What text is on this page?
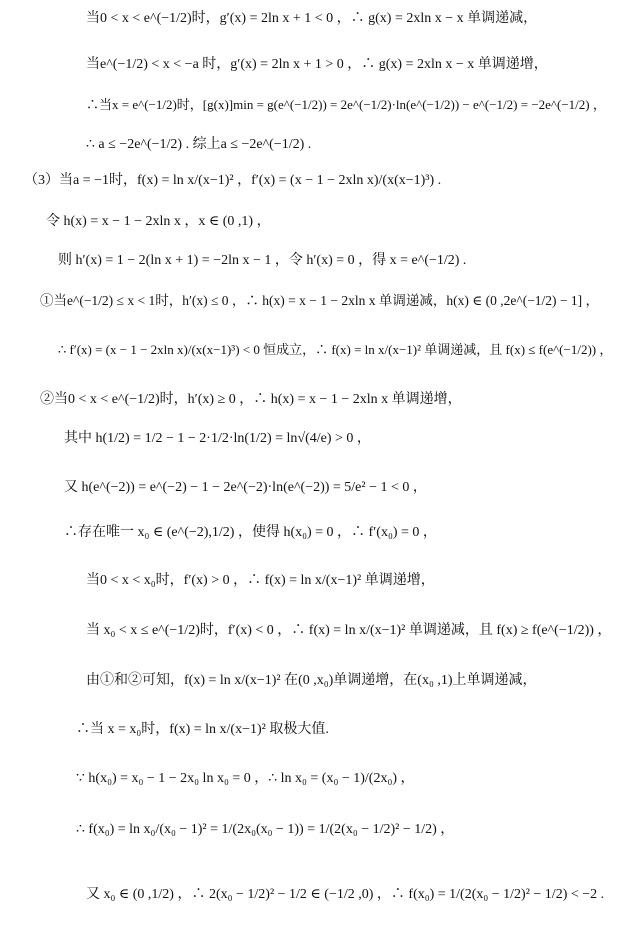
当0 < x < e^(−1/2)时，g′(x) = 2ln x + 1 < 0 ，∴ g(x) = 2xln x − x 单调递减，
当e^(−1/2) < x < −a 时，g′(x) = 2ln x + 1 > 0 ，∴ g(x) = 2xln x − x 单调递增，
∴当x = e^(−1/2)时，[g(x)]min = g(e^(−1/2)) = 2e^(−1/2)·ln(e^(−1/2)) − e^(−1/2) = −2e^(−1/2) ，
∴ a ≤ −2e^(−1/2) . 综上a ≤ −2e^(−1/2) .
（3）当a = −1时，f(x) = ln x/(x−1)² ，f′(x) = (x − 1 − 2xln x)/(x(x−1)³) .
令 h(x) = x − 1 − 2xln x ，x ∈ (0 ,1) ，
则 h′(x) = 1 − 2(ln x + 1) = −2ln x − 1 ，令 h′(x) = 0 ，得 x = e^(−1/2) .
①当e^(−1/2) ≤ x < 1时，h′(x) ≤ 0 ，∴ h(x) = x − 1 − 2xln x 单调递减，h(x) ∈ (0 ,2e^(−1/2) − 1] ，
∴ f′(x) = (x − 1 − 2xln x)/(x(x−1)³) < 0 恒成立，∴ f(x) = ln x/(x−1)² 单调递减，且 f(x) ≤ f(e^(−1/2)) ，
②当0 < x < e^(−1/2)时，h′(x) ≥ 0 ，∴ h(x) = x − 1 − 2xln x 单调递增，
其中 h(1/2) = 1/2 − 1 − 2·1/2·ln(1/2) = ln√(4/e) > 0 ，
又 h(e^(−2)) = e^(−2) − 1 − 2e^(−2)·ln(e^(−2)) = 5/e² − 1 < 0 ，
∴存在唯一 x₀ ∈ (e^(−2),1/2) ，使得 h(x₀) = 0 ，∴ f′(x₀) = 0 ，
当0 < x < x₀时，f′(x) > 0 ，∴ f(x) = ln x/(x−1)² 单调递增，
当 x₀ < x ≤ e^(−1/2)时，f′(x) < 0 ，∴ f(x) = ln x/(x−1)² 单调递减，且 f(x) ≥ f(e^(−1/2)) ，
由①和②可知，f(x) = ln x/(x−1)² 在(0 ,x₀)单调递增，在(x₀ ,1)上单调递减，
∴当 x = x₀时，f(x) = ln x/(x−1)² 取极大值.
∵ h(x₀) = x₀ − 1 − 2x₀ ln x₀ = 0 ，∴ ln x₀ = (x₀ − 1)/(2x₀) ，
∴ f(x₀) = ln x₀/(x₀ − 1)² = 1/(2x₀(x₀ − 1)) = 1/(2(x₀ − 1/2)² − 1/2) ，
又 x₀ ∈ (0 ,1/2) ，∴ 2(x₀ − 1/2)² − 1/2 ∈ (−1/2 ,0) ，∴ f(x₀) = 1/(2(x₀ − 1/2)² − 1/2) < −2 .
